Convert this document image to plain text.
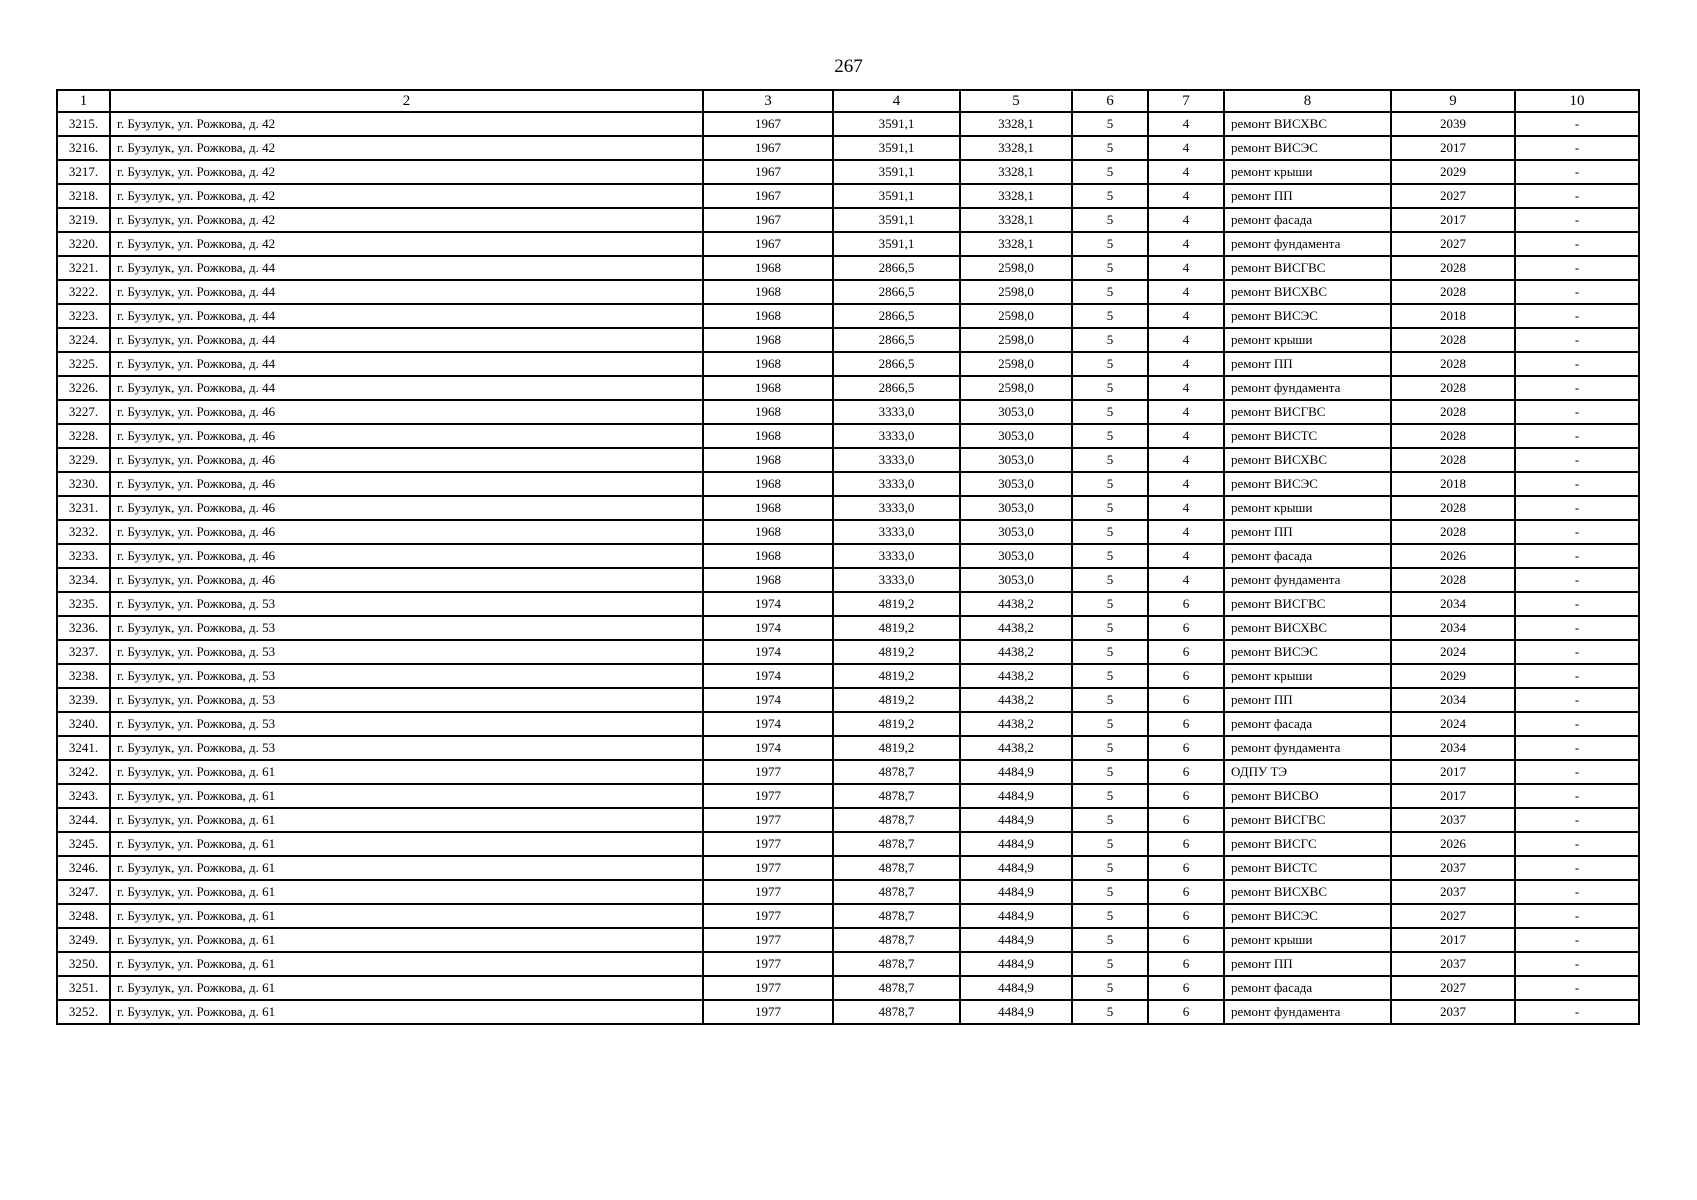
267
1	2	3	4	5	6	7	8	9	10
3215.	г. Бузулук, ул. Рожкова, д. 42	1967	3591,1	3328,1	5	4	ремонт ВИСХВС	2039	-
3216.	г. Бузулук, ул. Рожкова, д. 42	1967	3591,1	3328,1	5	4	ремонт ВИСЭС	2017	-
3217.	г. Бузулук, ул. Рожкова, д. 42	1967	3591,1	3328,1	5	4	ремонт крыши	2029	-
3218.	г. Бузулук, ул. Рожкова, д. 42	1967	3591,1	3328,1	5	4	ремонт ПП	2027	-
3219.	г. Бузулук, ул. Рожкова, д. 42	1967	3591,1	3328,1	5	4	ремонт фасада	2017	-
3220.	г. Бузулук, ул. Рожкова, д. 42	1967	3591,1	3328,1	5	4	ремонт фундамента	2027	-
3221.	г. Бузулук, ул. Рожкова, д. 44	1968	2866,5	2598,0	5	4	ремонт ВИСГВС	2028	-
3222.	г. Бузулук, ул. Рожкова, д. 44	1968	2866,5	2598,0	5	4	ремонт ВИСХВС	2028	-
3223.	г. Бузулук, ул. Рожкова, д. 44	1968	2866,5	2598,0	5	4	ремонт ВИСЭС	2018	-
3224.	г. Бузулук, ул. Рожкова, д. 44	1968	2866,5	2598,0	5	4	ремонт крыши	2028	-
3225.	г. Бузулук, ул. Рожкова, д. 44	1968	2866,5	2598,0	5	4	ремонт ПП	2028	-
3226.	г. Бузулук, ул. Рожкова, д. 44	1968	2866,5	2598,0	5	4	ремонт фундамента	2028	-
3227.	г. Бузулук, ул. Рожкова, д. 46	1968	3333,0	3053,0	5	4	ремонт ВИСГВС	2028	-
3228.	г. Бузулук, ул. Рожкова, д. 46	1968	3333,0	3053,0	5	4	ремонт ВИСТС	2028	-
3229.	г. Бузулук, ул. Рожкова, д. 46	1968	3333,0	3053,0	5	4	ремонт ВИСХВС	2028	-
3230.	г. Бузулук, ул. Рожкова, д. 46	1968	3333,0	3053,0	5	4	ремонт ВИСЭС	2018	-
3231.	г. Бузулук, ул. Рожкова, д. 46	1968	3333,0	3053,0	5	4	ремонт крыши	2028	-
3232.	г. Бузулук, ул. Рожкова, д. 46	1968	3333,0	3053,0	5	4	ремонт ПП	2028	-
3233.	г. Бузулук, ул. Рожкова, д. 46	1968	3333,0	3053,0	5	4	ремонт фасада	2026	-
3234.	г. Бузулук, ул. Рожкова, д. 46	1968	3333,0	3053,0	5	4	ремонт фундамента	2028	-
3235.	г. Бузулук, ул. Рожкова, д. 53	1974	4819,2	4438,2	5	6	ремонт ВИСГВС	2034	-
3236.	г. Бузулук, ул. Рожкова, д. 53	1974	4819,2	4438,2	5	6	ремонт ВИСХВС	2034	-
3237.	г. Бузулук, ул. Рожкова, д. 53	1974	4819,2	4438,2	5	6	ремонт ВИСЭС	2024	-
3238.	г. Бузулук, ул. Рожкова, д. 53	1974	4819,2	4438,2	5	6	ремонт крыши	2029	-
3239.	г. Бузулук, ул. Рожкова, д. 53	1974	4819,2	4438,2	5	6	ремонт ПП	2034	-
3240.	г. Бузулук, ул. Рожкова, д. 53	1974	4819,2	4438,2	5	6	ремонт фасада	2024	-
3241.	г. Бузулук, ул. Рожкова, д. 53	1974	4819,2	4438,2	5	6	ремонт фундамента	2034	-
3242.	г. Бузулук, ул. Рожкова, д. 61	1977	4878,7	4484,9	5	6	ОДПУ ТЭ	2017	-
3243.	г. Бузулук, ул. Рожкова, д. 61	1977	4878,7	4484,9	5	6	ремонт ВИСВО	2017	-
3244.	г. Бузулук, ул. Рожкова, д. 61	1977	4878,7	4484,9	5	6	ремонт ВИСГВС	2037	-
3245.	г. Бузулук, ул. Рожкова, д. 61	1977	4878,7	4484,9	5	6	ремонт ВИСГС	2026	-
3246.	г. Бузулук, ул. Рожкова, д. 61	1977	4878,7	4484,9	5	6	ремонт ВИСТС	2037	-
3247.	г. Бузулук, ул. Рожкова, д. 61	1977	4878,7	4484,9	5	6	ремонт ВИСХВС	2037	-
3248.	г. Бузулук, ул. Рожкова, д. 61	1977	4878,7	4484,9	5	6	ремонт ВИСЭС	2027	-
3249.	г. Бузулук, ул. Рожкова, д. 61	1977	4878,7	4484,9	5	6	ремонт крыши	2017	-
3250.	г. Бузулук, ул. Рожкова, д. 61	1977	4878,7	4484,9	5	6	ремонт ПП	2037	-
3251.	г. Бузулук, ул. Рожкова, д. 61	1977	4878,7	4484,9	5	6	ремонт фасада	2027	-
3252.	г. Бузулук, ул. Рожкова, д. 61	1977	4878,7	4484,9	5	6	ремонт фундамента	2037	-
